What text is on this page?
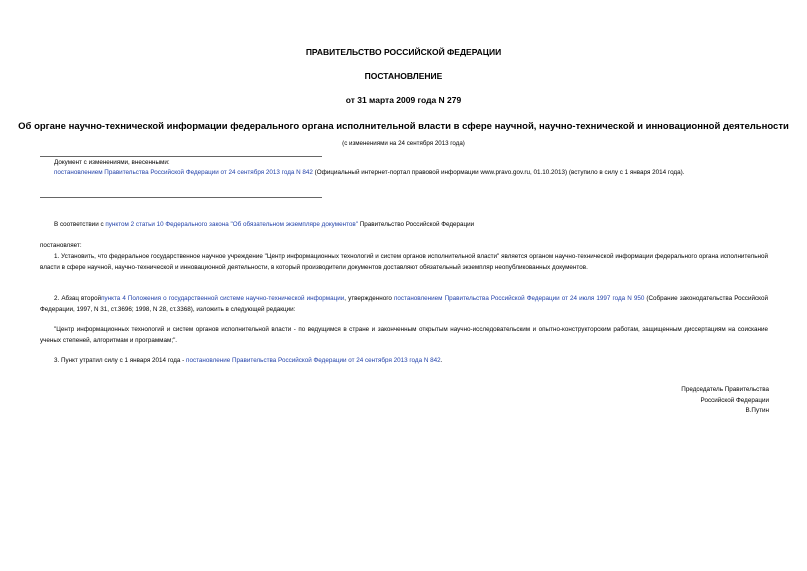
ПРАВИТЕЛЬСТВО РОССИЙСКОЙ ФЕДЕРАЦИИ
ПОСТАНОВЛЕНИЕ
от 31 марта 2009 года N 279
Об органе научно-технической информации федерального органа исполнительной власти в сфере научной, научно-технической и инновационной деятельности
(с изменениями на 24 сентября 2013 года)
Документ с изменениями, внесенными:
постановлением Правительства Российской Федерации от 24 сентября 2013 года N 842 (Официальный интернет-портал правовой информации www.pravo.gov.ru, 01.10.2013) (вступило в силу с 1 января 2014 года).
В соответствии с пунктом 2 статьи 10 Федерального закона "Об обязательном экземпляре документов" Правительство Российской Федерации
постановляет:
1. Установить, что федеральное государственное научное учреждение "Центр информационных технологий и систем органов исполнительной власти" является органом научно-технической информации федерального органа исполнительной власти в сфере научной, научно-технической и инновационной деятельности, в который производители документов доставляют обязательный экземпляр неопубликованных документов.
2. Абзац второйпункта 4 Положения о государственной системе научно-технической информации, утвержденного постановлением Правительства Российской Федерации от 24 июля 1997 года N 950 (Собрание законодательства Российской Федерации, 1997, N 31, ст.3696; 1998, N 28, ст.3368), изложить в следующей редакции:
"Центр информационных технологий и систем органов исполнительной власти - по ведущимся в стране и законченным открытым научно-исследовательским и опытно-конструкторским работам, защищенным диссертациям на соискание ученых степеней, алгоритмам и программам;".
3. Пункт утратил силу с 1 января 2014 года - постановление Правительства Российской Федерации от 24 сентября 2013 года N 842.
Председатель Правительства
Российской Федерации
В.Путин
